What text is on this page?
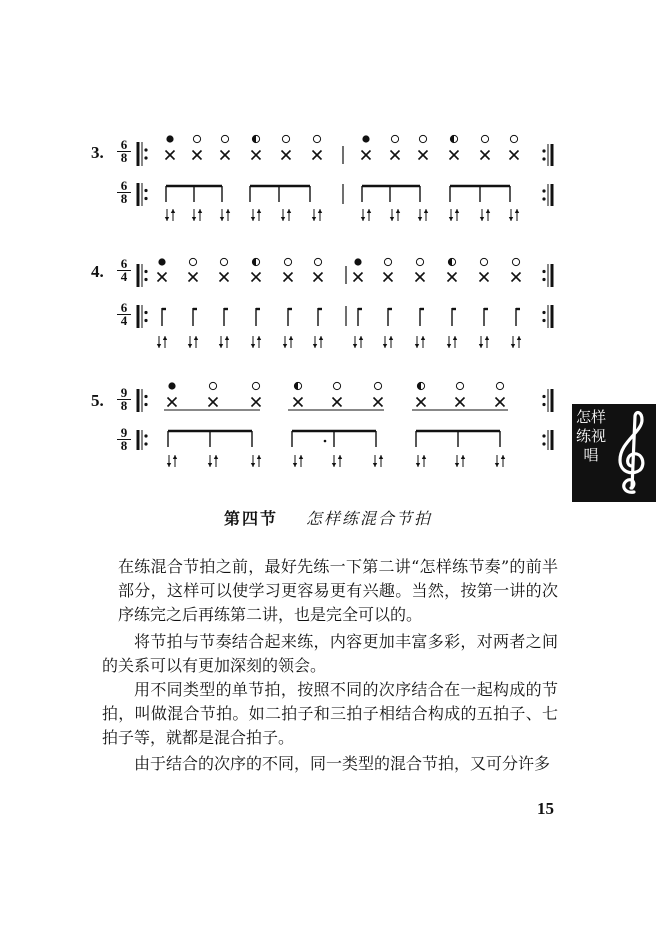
3.
4.
5.
6
8
6
8
6
4
6
4
9
8
9
8
第四节 怎样练混合节拍
在练混合节拍之前，最好先练一下第二讲“怎样练节奏”的前半部分，这样可以使学习更容易更有兴趣。当然，按第一讲的次序练完之后再练第二讲，也是完全可以的。
将节拍与节奏结合起来练，内容更加丰富多彩，对两者之间的关系可以有更加深刻的领会。
用不同类型的单节拍，按照不同的次序结合在一起构成的节拍，叫做混合节拍。如二拍子和三拍子相结合构成的五拍子、七拍子等，就都是混合拍子。
由于结合的次序的不同，同一类型的混合节拍，又可分许多
怎样练视唱
15
